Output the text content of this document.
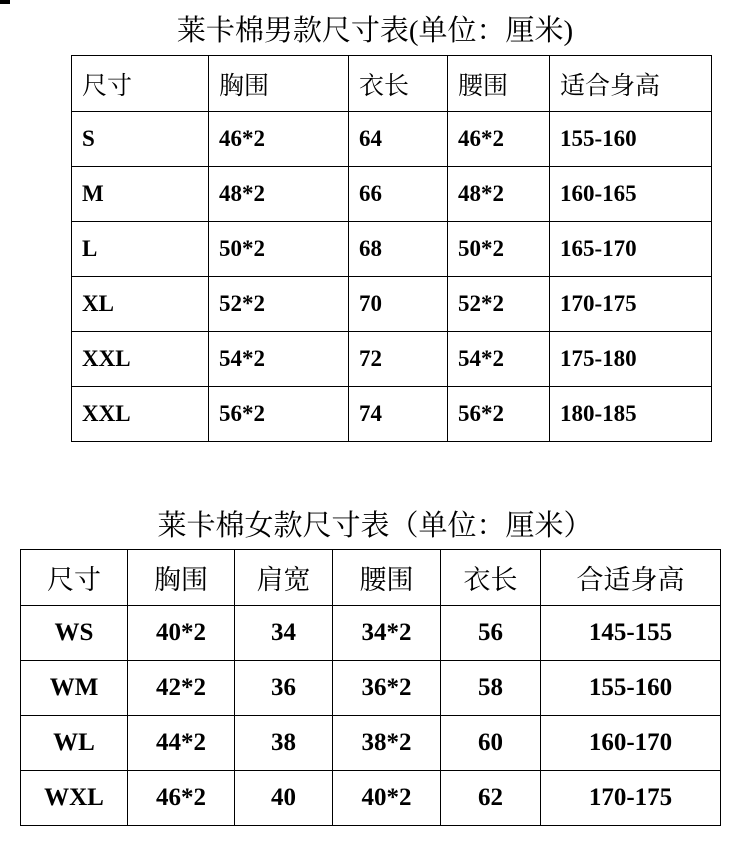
莱卡棉男款尺寸表(单位：厘米)
尺寸	胸围	衣长	腰围	适合身高
S	46*2	64	46*2	155-160
M	48*2	66	48*2	160-165
L	50*2	68	50*2	165-170
XL	52*2	70	52*2	170-175
XXL	54*2	72	54*2	175-180
XXL	56*2	74	56*2	180-185
莱卡棉女款尺寸表（单位：厘米）
尺寸	胸围	肩宽	腰围	衣长	合适身高
WS	40*2	34	34*2	56	145-155
WM	42*2	36	36*2	58	155-160
WL	44*2	38	38*2	60	160-170
WXL	46*2	40	40*2	62	170-175
